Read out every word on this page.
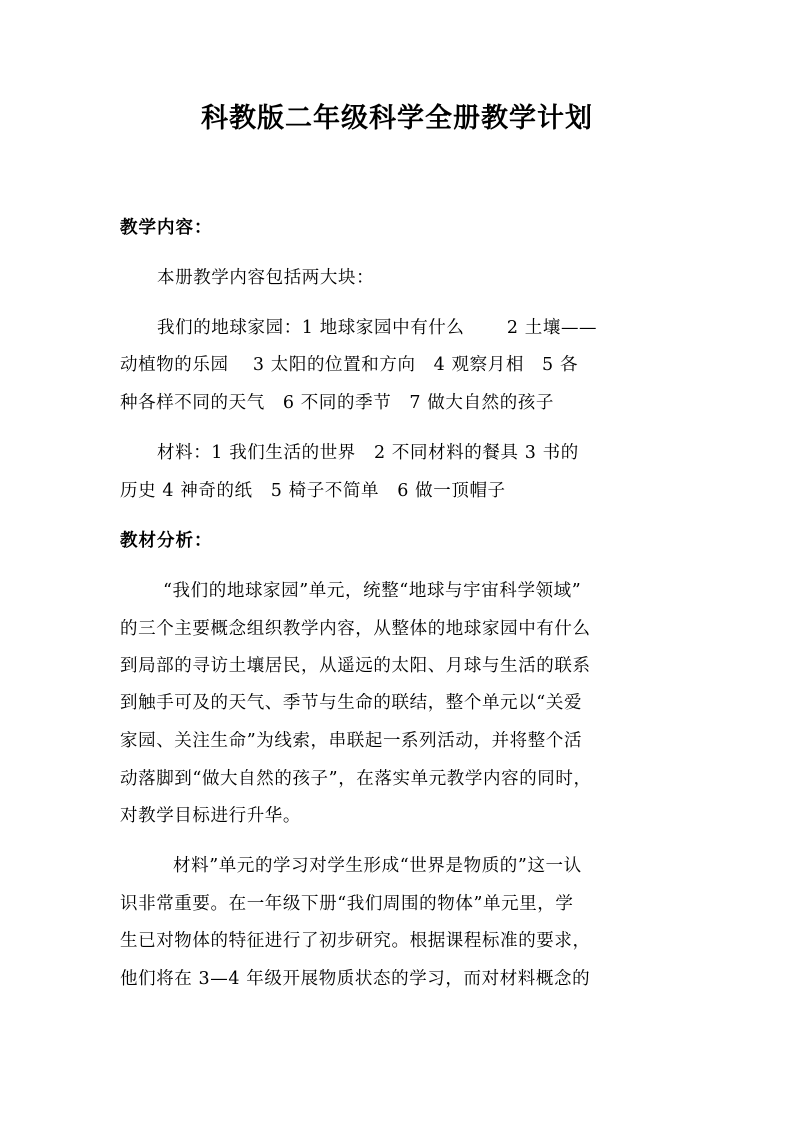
科教版二年级科学全册教学计划
教学内容：
本册教学内容包括两大块：
我们的地球家园：1 地球家园中有什么　　 2 土壤——
动植物的乐园　 3 太阳的位置和方向　4 观察月相　5 各
种各样不同的天气　6 不同的季节　7 做大自然的孩子
材料：1 我们生活的世界　2 不同材料的餐具 3 书的
历史 4 神奇的纸　5 椅子不简单　6 做一顶帽子
教材分析：
“我们的地球家园”单元，统整“地球与宇宙科学领域”
的三个主要概念组织教学内容，从整体的地球家园中有什么
到局部的寻访土壤居民，从遥远的太阳、月球与生活的联系
到触手可及的天气、季节与生命的联结，整个单元以“关爱
家园、关注生命”为线索，串联起一系列活动，并将整个活
动落脚到“做大自然的孩子”，在落实单元教学内容的同时，
对教学目标进行升华。
材料”单元的学习对学生形成“世界是物质的”这一认
识非常重要。在一年级下册“我们周围的物体”单元里，学
生已对物体的特征进行了初步研究。根据课程标准的要求，
他们将在 3—4 年级开展物质状态的学习，而对材料概念的
